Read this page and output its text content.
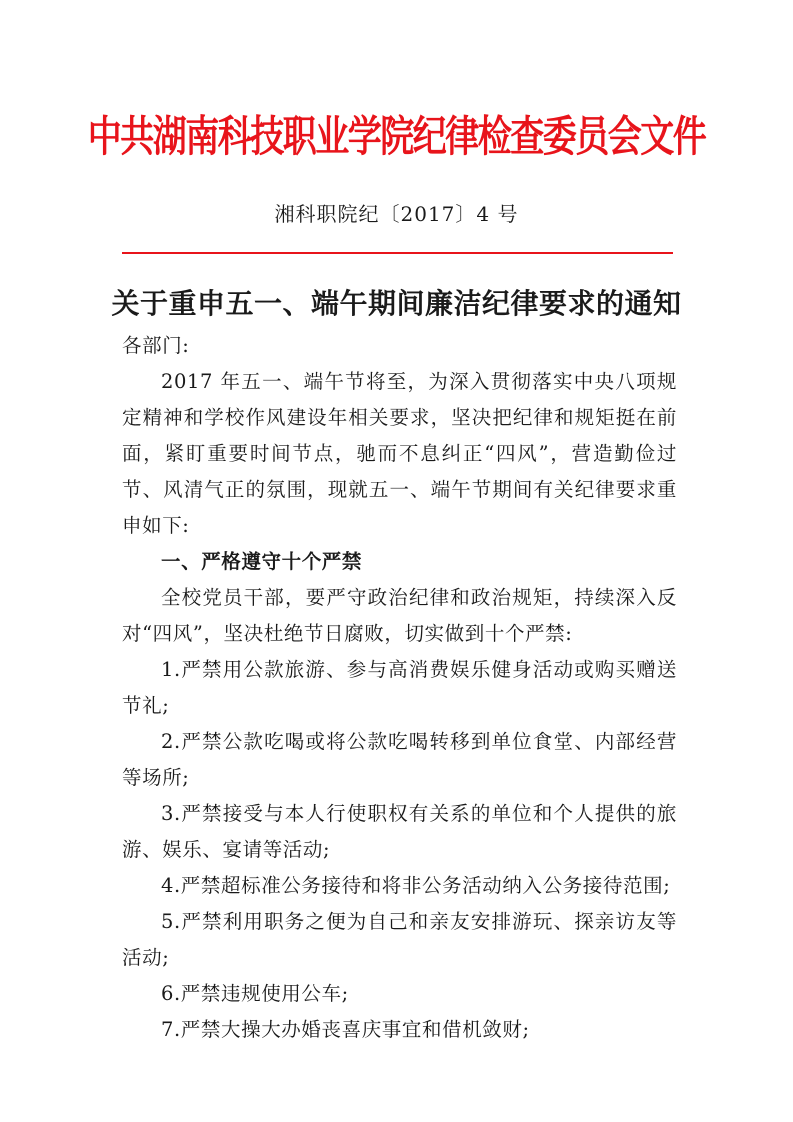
中共湖南科技职业学院纪律检查委员会文件
湘科职院纪〔2017〕4 号
关于重申五一、端午期间廉洁纪律要求的通知

各部门:

2017 年五一、端午节将至，为深入贯彻落实中央八项规定精神和学校作风建设年相关要求，坚决把纪律和规矩挺在前面，紧盯重要时间节点，驰而不息纠正“四风”，营造勤俭过节、风清气正的氛围，现就五一、端午节期间有关纪律要求重申如下:

一、严格遵守十个严禁

全校党员干部，要严守政治纪律和政治规矩，持续深入反对“四风”，坚决杜绝节日腐败，切实做到十个严禁:

1.严禁用公款旅游、参与高消费娱乐健身活动或购买赠送节礼;

2.严禁公款吃喝或将公款吃喝转移到单位食堂、内部经营等场所;

3.严禁接受与本人行使职权有关系的单位和个人提供的旅游、娱乐、宴请等活动;

4.严禁超标准公务接待和将非公务活动纳入公务接待范围;

5.严禁利用职务之便为自己和亲友安排游玩、探亲访友等活动;

6.严禁违规使用公车;

7.严禁大操大办婚丧喜庆事宜和借机敛财;
